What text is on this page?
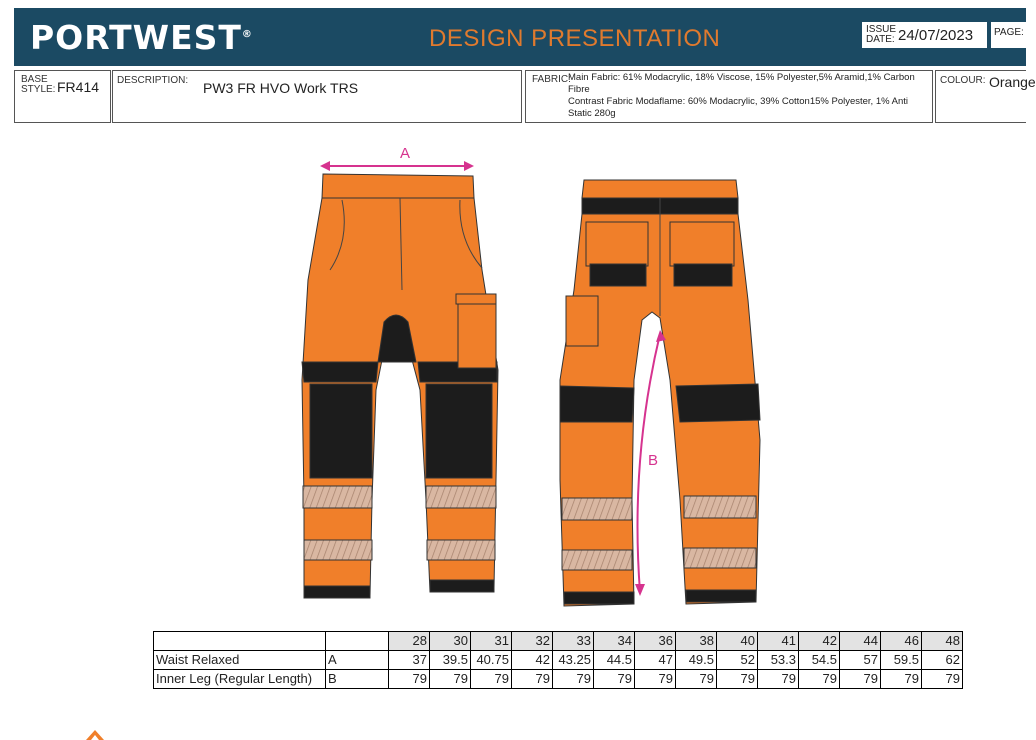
PORTWEST®	DESIGN PRESENTATION	ISSUE
DATE: 24/07/2023 PAGE:
BASE
STYLE: FR414 DESCRIPTION: PW3 FR HVO Work TRS
FABRIC:
Main Fabric: 61% Modacrylic, 18% Viscose, 15% Polyester,5% Aramid,1% Carbon Fibre
Contrast Fabric Modaflame: 60% Modacrylic, 39% Cotton15% Polyester, 1% Anti Static 280g
COLOUR: Orange
A
B
		28	30	31	32	33	34	36	38	40	41	42	44	46	48
Waist Relaxed	A	37	39.5	40.75	42	43.25	44.5	47	49.5	52	53.3	54.5	57	59.5	62
Inner Leg (Regular Length)	B	79	79	79	79	79	79	79	79	79	79	79	79	79	79
